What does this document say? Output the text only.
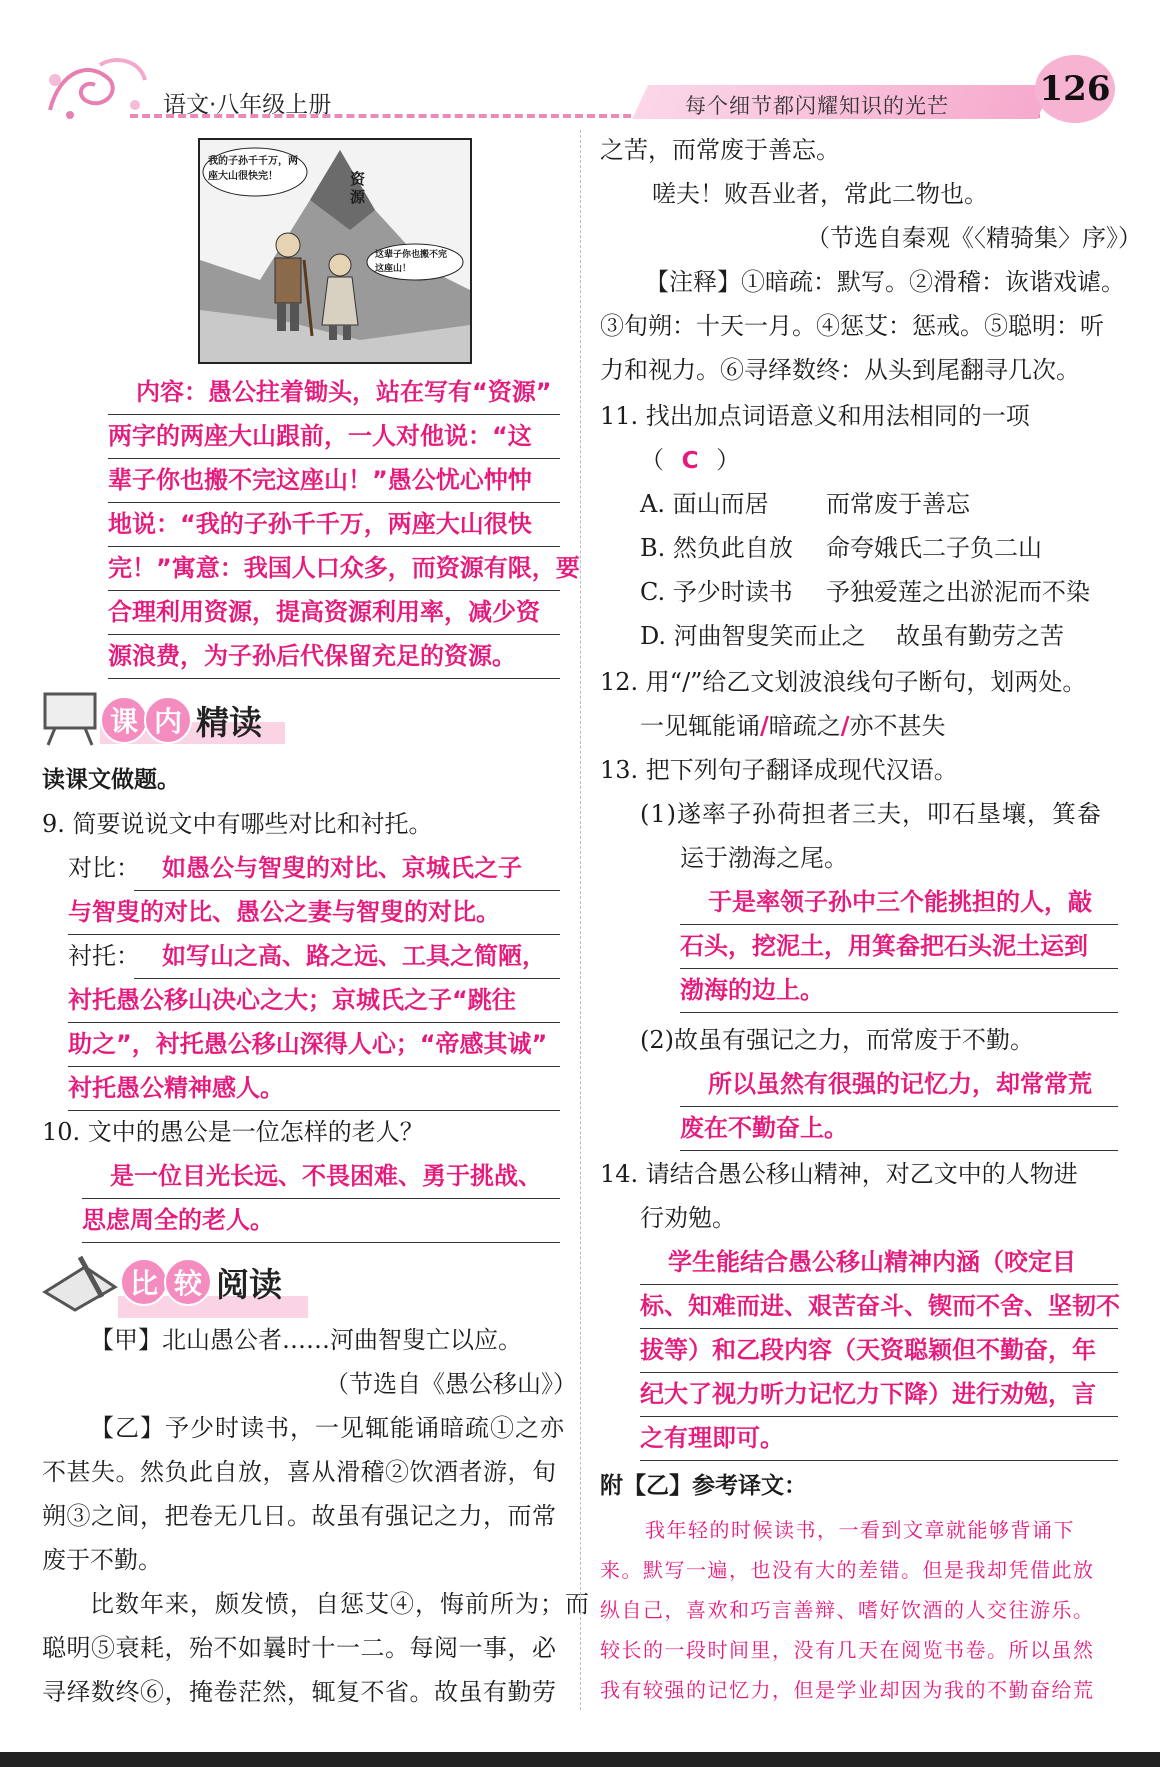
语文·八年级上册	每个细节都闪耀知识的光芒	126
我的子孙千千万，两座大山很快完！	资源
这辈子你也搬不完这座山！
内容：愚公拄着锄头，站在写有“资源”
两字的两座大山跟前，一人对他说：“这
辈子你也搬不完这座山！”愚公忧心忡忡
地说：“我的子孙千千万，两座大山很快
完！”寓意：我国人口众多，而资源有限，要
合理利用资源，提高资源利用率，减少资
源浪费，为子孙后代保留充足的资源。
课 内 精读
读课文做题。
9. 简要说说文中有哪些对比和衬托。
对比： 如愚公与智叟的对比、京城氏之子
与智叟的对比、愚公之妻与智叟的对比。
衬托： 如写山之高、路之远、工具之简陋，
衬托愚公移山决心之大；京城氏之子“跳往
助之”，衬托愚公移山深得人心；“帝感其诚”
衬托愚公精神感人。
10. 文中的愚公是一位怎样的老人？
是一位目光长远、不畏困难、勇于挑战、
思虑周全的老人。
比 较 阅读
【甲】北山愚公者……河曲智叟亡以应。
（节选自《愚公移山》）
【乙】予少时读书，一见辄能诵暗疏①之亦
不甚失。然负此自放，喜从滑稽②饮酒者游，旬
朔③之间，把卷无几日。故虽有强记之力，而常
废于不勤。
比数年来，颇发愤，自惩艾④，悔前所为；而
聪明⑤衰耗，殆不如曩时十一二。每阅一事，必
寻绎数终⑥，掩卷茫然，辄复不省。故虽有勤劳
之苦，而常废于善忘。
嗟夫！败吾业者，常此二物也。
（节选自秦观《〈精骑集〉序》）
【注释】①暗疏：默写。②滑稽：诙谐戏谑。
③旬朔：十天一月。④惩艾：惩戒。⑤聪明：听
力和视力。⑥寻绎数终：从头到尾翻寻几次。
11. 找出加点词语意义和用法相同的一项
（ C ）
A. 面山而居 而常废于善忘
B. 然负此自放 命夸娥氏二子负二山
C. 予少时读书 予独爱莲之出淤泥而不染
D. 河曲智叟笑而止之 故虽有勤劳之苦
12. 用“/”给乙文划波浪线句子断句，划两处。
一见辄能诵/暗疏之/亦不甚失
13. 把下列句子翻译成现代汉语。
(1)遂率子孙荷担者三夫，叩石垦壤，箕畚
运于渤海之尾。
于是率领子孙中三个能挑担的人，敲
石头，挖泥土，用箕畚把石头泥土运到
渤海的边上。
(2)故虽有强记之力，而常废于不勤。
所以虽然有很强的记忆力，却常常荒
废在不勤奋上。
14. 请结合愚公移山精神，对乙文中的人物进
行劝勉。
学生能结合愚公移山精神内涵（咬定目
标、知难而进、艰苦奋斗、锲而不舍、坚韧不
拔等）和乙段内容（天资聪颖但不勤奋，年
纪大了视力听力记忆力下降）进行劝勉，言
之有理即可。
附【乙】参考译文：
我年轻的时候读书，一看到文章就能够背诵下
来。默写一遍，也没有大的差错。但是我却凭借此放
纵自己，喜欢和巧言善辩、嗜好饮酒的人交往游乐。
较长的一段时间里，没有几天在阅览书卷。所以虽然
我有较强的记忆力，但是学业却因为我的不勤奋给荒
